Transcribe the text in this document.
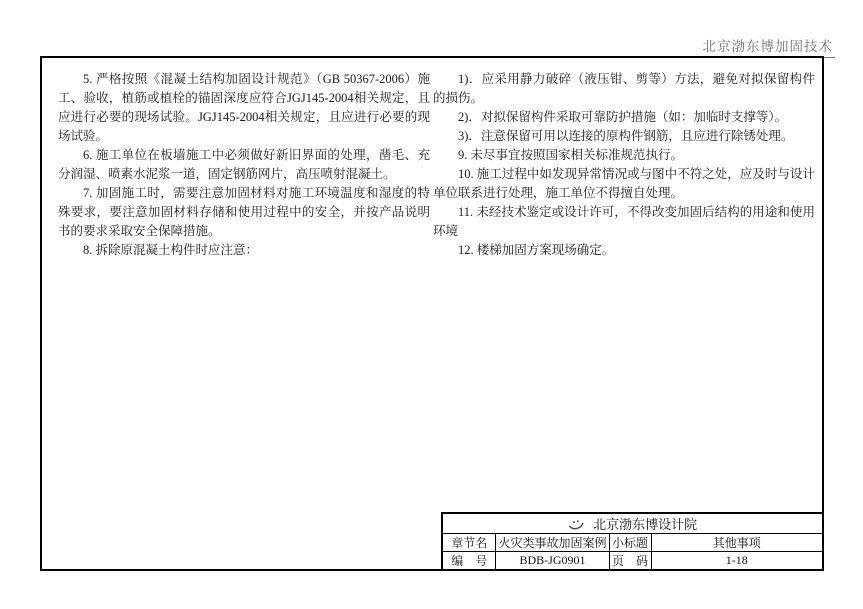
北京渤东博加固技术

5. 严格按照《混凝土结构加固设计规范》（GB 50367-2006）施工、验收，植筋或植栓的锚固深度应符合JGJ145-2004相关规定，且应进行必要的现场试验。JGJ145-2004相关规定，且应进行必要的现场试验。

6. 施工单位在板墙施工中必须做好新旧界面的处理，凿毛、充分润湿、喷素水泥浆一道，固定钢筋网片，高压喷射混凝土。

7. 加固施工时，需要注意加固材料对施工环境温度和湿度的特殊要求，要注意加固材料存储和使用过程中的安全，并按产品说明书的要求采取安全保障措施。

8. 拆除原混凝土构件时应注意：

1)．应采用静力破碎（液压钳、剪等）方法，避免对拟保留构件的损伤。

2)．对拟保留构件采取可靠防护措施（如：加临时支撑等）。

3)．注意保留可用以连接的原构件钢筋，且应进行除锈处理。

9. 未尽事宜按照国家相关标准规范执行。

10. 施工过程中如发现异常情况或与图中不符之处，应及时与设计单位联系进行处理，施工单位不得擅自处理。

11. 未经技术鉴定或设计许可，不得改变加固后结构的用途和使用环境

12. 楼梯加固方案现场确定。

北京渤东博设计院			
章节名	火灾类事故加固案例	小标题	其他事项
编　号	BDB-JG0901	页　码	1-18
